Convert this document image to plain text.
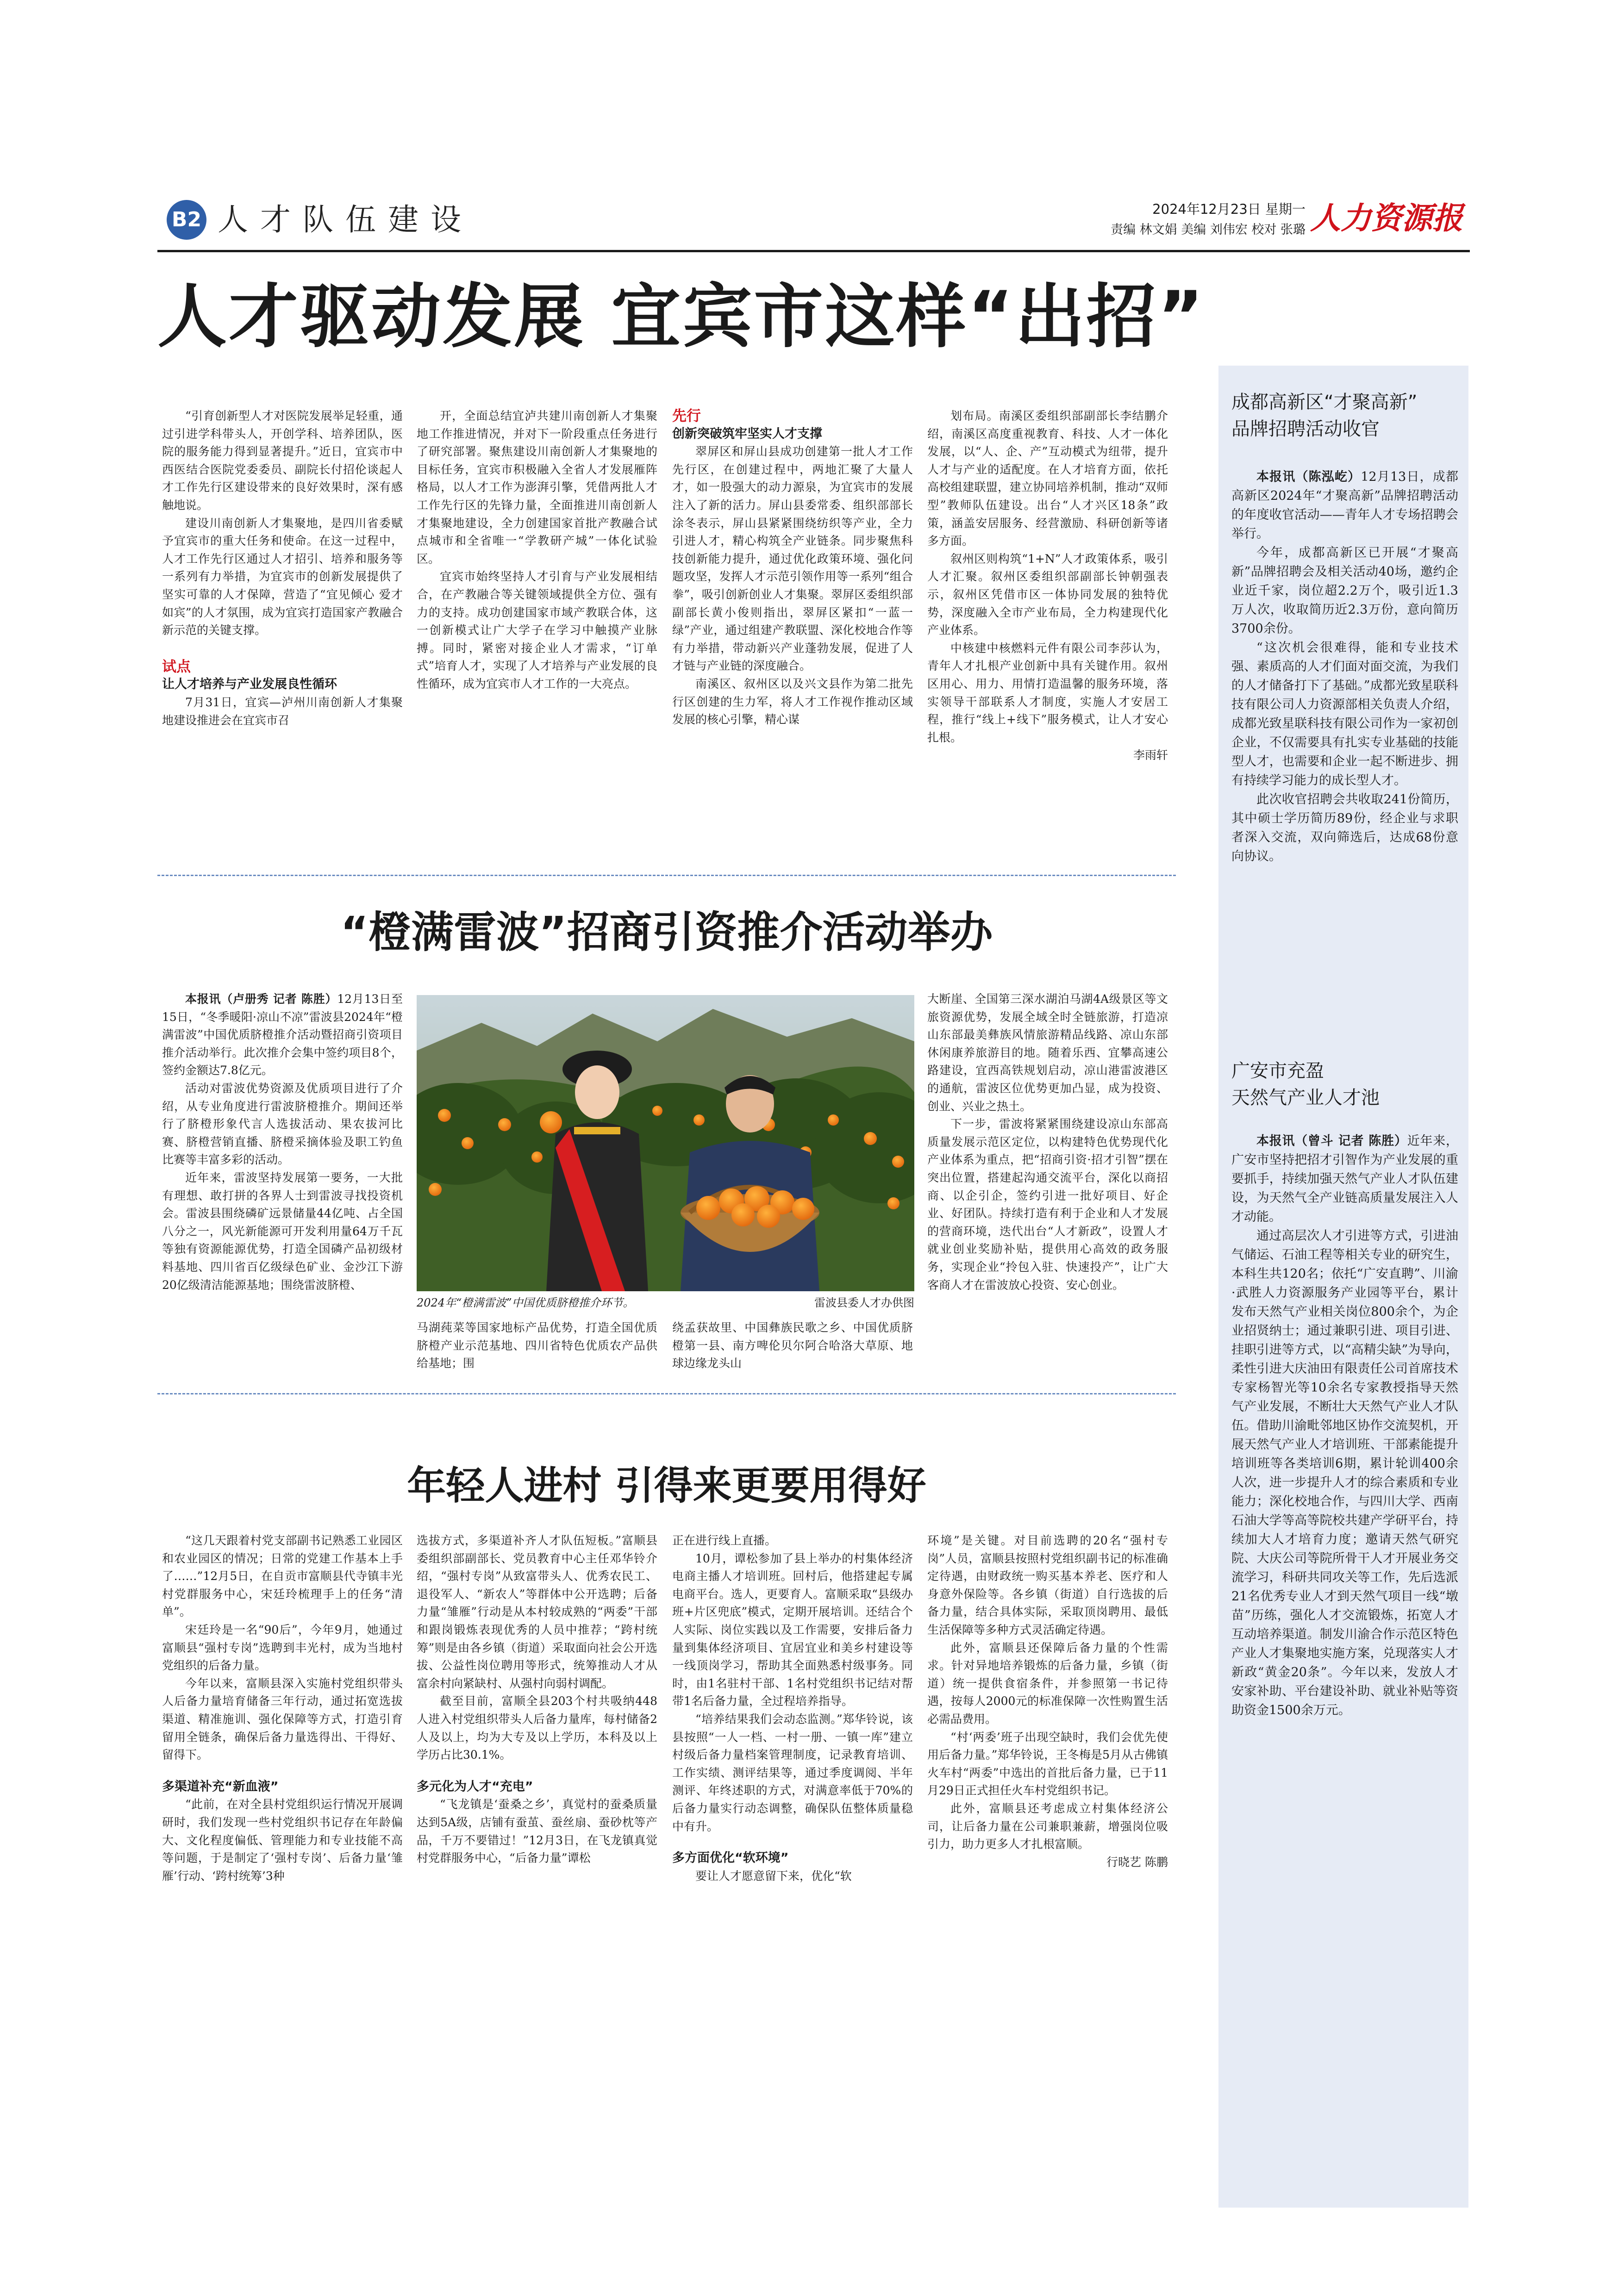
B2 人才队伍建设	2024年12月23日 星期一
责编 林文娟 美编 刘伟宏 校对 张璐 人力资源报
人才驱动发展 宜宾市这样“出招”

“引育创新型人才对医院发展举足轻重，通过引进学科带头人，开创学科、培养团队，医院的服务能力得到显著提升。”近日，宜宾市中西医结合医院党委委员、副院长付招伦谈起人才工作先行区建设带来的良好效果时，深有感触地说。

建设川南创新人才集聚地，是四川省委赋予宜宾市的重大任务和使命。在这一过程中，人才工作先行区通过人才招引、培养和服务等一系列有力举措，为宜宾市的创新发展提供了坚实可靠的人才保障，营造了“宜见倾心 爱才如宾”的人才氛围，成为宜宾打造国家产教融合新示范的关键支撑。

试点

让人才培养与产业发展良性循环

7月31日，宜宾—泸州川南创新人才集聚地建设推进会在宜宾市召

开，全面总结宜泸共建川南创新人才集聚地工作推进情况，并对下一阶段重点任务进行了研究部署。聚焦建设川南创新人才集聚地的目标任务，宜宾市积极融入全省人才发展雁阵格局，以人才工作为澎湃引擎，凭借两批人才工作先行区的先锋力量，全面推进川南创新人才集聚地建设，全力创建国家首批产教融合试点城市和全省唯一“学教研产城”一体化试验区。

宜宾市始终坚持人才引育与产业发展相结合，在产教融合等关键领域提供全方位、强有力的支持。成功创建国家市域产教联合体，这一创新模式让广大学子在学习中触摸产业脉搏。同时，紧密对接企业人才需求，“订单式”培育人才，实现了人才培养与产业发展的良性循环，成为宜宾市人才工作的一大亮点。

先行

创新突破筑牢坚实人才支撑

翠屏区和屏山县成功创建第一批人才工作先行区，在创建过程中，两地汇聚了大量人才，如一股强大的动力源泉，为宜宾市的发展注入了新的活力。屏山县委常委、组织部部长涂冬表示，屏山县紧紧围绕纺织等产业，全力引进人才，精心构筑全产业链条。同步聚焦科技创新能力提升，通过优化政策环境、强化问题攻坚，发挥人才示范引领作用等一系列“组合拳”，吸引创新创业人才集聚。翠屏区委组织部副部长黄小俊则指出，翠屏区紧扣“一蓝一绿”产业，通过组建产教联盟、深化校地合作等有力举措，带动新兴产业蓬勃发展，促进了人才链与产业链的深度融合。

南溪区、叙州区以及兴文县作为第二批先行区创建的生力军，将人才工作视作推动区域发展的核心引擎，精心谋

划布局。南溪区委组织部副部长李结鹏介绍，南溪区高度重视教育、科技、人才一体化发展，以“人、企、产”互动模式为纽带，提升人才与产业的适配度。在人才培育方面，依托高校组建联盟，建立协同培养机制，推动“双师型”教师队伍建设。出台“人才兴区18条”政策，涵盖安居服务、经营激励、科研创新等诸多方面。

叙州区则构筑“1+N”人才政策体系，吸引人才汇聚。叙州区委组织部副部长钟朝强表示，叙州区凭借市区一体协同发展的独特优势，深度融入全市产业布局，全力构建现代化产业体系。

中核建中核燃料元件有限公司李莎认为，青年人才扎根产业创新中具有关键作用。叙州区用心、用力、用情打造温馨的服务环境，落实领导干部联系人才制度，实施人才安居工程，推行“线上+线下”服务模式，让人才安心扎根。

李雨轩

“橙满雷波”招商引资推介活动举办

本报讯（卢册秀 记者 陈胜）12月13日至15日，“冬季暖阳·凉山不凉”雷波县2024年“橙满雷波”中国优质脐橙推介活动暨招商引资项目推介活动举行。此次推介会集中签约项目8个，签约金额达7.8亿元。

活动对雷波优势资源及优质项目进行了介绍，从专业角度进行雷波脐橙推介。期间还举行了脐橙形象代言人选拔活动、果农拔河比赛、脐橙营销直播、脐橙采摘体验及职工钓鱼比赛等丰富多彩的活动。

近年来，雷波坚持发展第一要务，一大批有理想、敢打拼的各界人士到雷波寻找投资机会。雷波县围绕磷矿远景储量44亿吨、占全国八分之一，风光新能源可开发利用量64万千瓦等独有资源能源优势，打造全国磷产品初级材料基地、四川省百亿级绿色矿业、金沙江下游20亿级清洁能源基地；围绕雷波脐橙、

2024年“橙满雷波”中国优质脐橙推介环节。	雷波县委人才办供图

马湖莼菜等国家地标产品优势，打造全国优质脐橙产业示范基地、四川省特色优质农产品供给基地；围

绕孟获故里、中国彝族民歌之乡、中国优质脐橙第一县、南方啤伦贝尔阿合哈洛大草原、地球边缘龙头山

大断崖、全国第三深水湖泊马湖4A级景区等文旅资源优势，发展全域全时全链旅游，打造凉山东部最美彝族风情旅游精品线路、凉山东部休闲康养旅游目的地。随着乐西、宜攀高速公路建设，宜西高铁规划启动，凉山港雷波港区的通航，雷波区位优势更加凸显，成为投资、创业、兴业之热土。

下一步，雷波将紧紧围绕建设凉山东部高质量发展示范区定位，以构建特色优势现代化产业体系为重点，把“招商引资·招才引智”摆在突出位置，搭建起沟通交流平台，深化以商招商、以企引企，签约引进一批好项目、好企业、好团队。持续打造有利于企业和人才发展的营商环境，迭代出台“人才新政”，设置人才就业创业奖励补贴，提供用心高效的政务服务，实现企业“拎包入驻、快速投产”，让广大客商人才在雷波放心投资、安心创业。

年轻人进村 引得来更要用得好

“这几天跟着村党支部副书记熟悉工业园区和农业园区的情况；日常的党建工作基本上手了……”12月5日，在自贡市富顺县代寺镇丰光村党群服务中心，宋廷玲梳理手上的任务“清单”。

宋廷玲是一名“90后”，今年9月，她通过富顺县“强村专岗”选聘到丰光村，成为当地村党组织的后备力量。

今年以来，富顺县深入实施村党组织带头人后备力量培育储备三年行动，通过拓宽选拔渠道、精准施训、强化保障等方式，打造引育留用全链条，确保后备力量选得出、干得好、留得下。

多渠道补充“新血液”

“此前，在对全县村党组织运行情况开展调研时，我们发现一些村党组织书记存在年龄偏大、文化程度偏低、管理能力和专业技能不高等问题，于是制定了‘强村专岗’、后备力量‘雏雁’行动、‘跨村统筹’3种

选拔方式，多渠道补齐人才队伍短板。”富顺县委组织部副部长、党员教育中心主任邓华铃介绍，“强村专岗”从致富带头人、优秀农民工、退役军人、“新农人”等群体中公开选聘；后备力量“雏雁”行动是从本村较成熟的“两委”干部和跟岗锻炼表现优秀的人员中推荐；“跨村统筹”则是由各乡镇（街道）采取面向社会公开选拔、公益性岗位聘用等形式，统筹推动人才从富余村向紧缺村、从强村向弱村调配。

截至目前，富顺全县203个村共吸纳448人进入村党组织带头人后备力量库，每村储备2人及以上，均为大专及以上学历，本科及以上学历占比30.1%。

多元化为人才“充电”

“飞龙镇是‘蚕桑之乡’，真觉村的蚕桑质量达到5A级，店铺有蚕茧、蚕丝扇、蚕砂枕等产品，千万不要错过！”12月3日，在飞龙镇真觉村党群服务中心，“后备力量”谭松

正在进行线上直播。

10月，谭松参加了县上举办的村集体经济电商主播人才培训班。回村后，他搭建起专属电商平台。选人，更要育人。富顺采取“县级办班+片区兜底”模式，定期开展培训。还结合个人实际、岗位实践以及工作需要，安排后备力量到集体经济项目、宜居宜业和美乡村建设等一线顶岗学习，帮助其全面熟悉村级事务。同时，由1名驻村干部、1名村党组织书记结对帮带1名后备力量，全过程培养指导。

“培养结果我们会动态监测。”郑华铃说，该县按照“一人一档、一村一册、一镇一库”建立村级后备力量档案管理制度，记录教育培训、工作实绩、测评结果等，通过季度调阅、半年测评、年终述职的方式，对满意率低于70%的后备力量实行动态调整，确保队伍整体质量稳中有升。

多方面优化“软环境”

要让人才愿意留下来，优化“软

环境”是关键。对目前选聘的20名“强村专岗”人员，富顺县按照村党组织副书记的标准确定待遇，由财政统一购买基本养老、医疗和人身意外保险等。各乡镇（街道）自行选拔的后备力量，结合具体实际，采取顶岗聘用、最低生活保障等多种方式灵活确定待遇。

此外，富顺县还保障后备力量的个性需求。针对异地培养锻炼的后备力量，乡镇（街道）统一提供食宿条件，并参照第一书记待遇，按每人2000元的标准保障一次性购置生活必需品费用。

“村‘两委’班子出现空缺时，我们会优先使用后备力量。”郑华铃说，王冬梅是5月从古佛镇火车村“两委”中选出的首批后备力量，已于11月29日正式担任火车村党组织书记。

此外，富顺县还考虑成立村集体经济公司，让后备力量在公司兼职兼薪，增强岗位吸引力，助力更多人才扎根富顺。

行晓艺 陈鹏

成都高新区“才聚高新”
品牌招聘活动收官

本报讯（陈泓屹）12月13日，成都高新区2024年“才聚高新”品牌招聘活动的年度收官活动——青年人才专场招聘会举行。

今年，成都高新区已开展“才聚高新”品牌招聘会及相关活动40场，邀约企业近千家，岗位超2.2万个，吸引近1.3万人次，收取简历近2.3万份，意向简历3700余份。

“这次机会很难得，能和专业技术强、素质高的人才们面对面交流，为我们的人才储备打下了基础。”成都光致星联科技有限公司人力资源部相关负责人介绍，成都光致星联科技有限公司作为一家初创企业，不仅需要具有扎实专业基础的技能型人才，也需要和企业一起不断进步、拥有持续学习能力的成长型人才。

此次收官招聘会共收取241份简历，其中硕士学历简历89份，经企业与求职者深入交流，双向筛选后，达成68份意向协议。

广安市充盈
天然气产业人才池

本报讯（曾斗 记者 陈胜）近年来，广安市坚持把招才引智作为产业发展的重要抓手，持续加强天然气产业人才队伍建设，为天然气全产业链高质量发展注入人才动能。

通过高层次人才引进等方式，引进油气储运、石油工程等相关专业的研究生，本科生共120名；依托“广安直聘”、川渝·武胜人力资源服务产业园等平台，累计发布天然气产业相关岗位800余个，为企业招贤纳士；通过兼职引进、项目引进、挂职引进等方式，以“高精尖缺”为导向，柔性引进大庆油田有限责任公司首席技术专家杨智光等10余名专家教授指导天然气产业发展，不断壮大天然气产业人才队伍。借助川渝毗邻地区协作交流契机，开展天然气产业人才培训班、干部素能提升培训班等各类培训6期，累计轮训400余人次，进一步提升人才的综合素质和专业能力；深化校地合作，与四川大学、西南石油大学等高等院校共建产学研平台，持续加大人才培育力度；邀请天然气研究院、大庆公司等院所骨干人才开展业务交流学习，科研共同攻关等工作，先后选派21名优秀专业人才到天然气项目一线“墩苗”历练，强化人才交流锻炼，拓宽人才互动培养渠道。制发川渝合作示范区特色产业人才集聚地实施方案，兑现落实人才新政“黄金20条”。今年以来，发放人才安家补助、平台建设补助、就业补贴等资助资金1500余万元。
